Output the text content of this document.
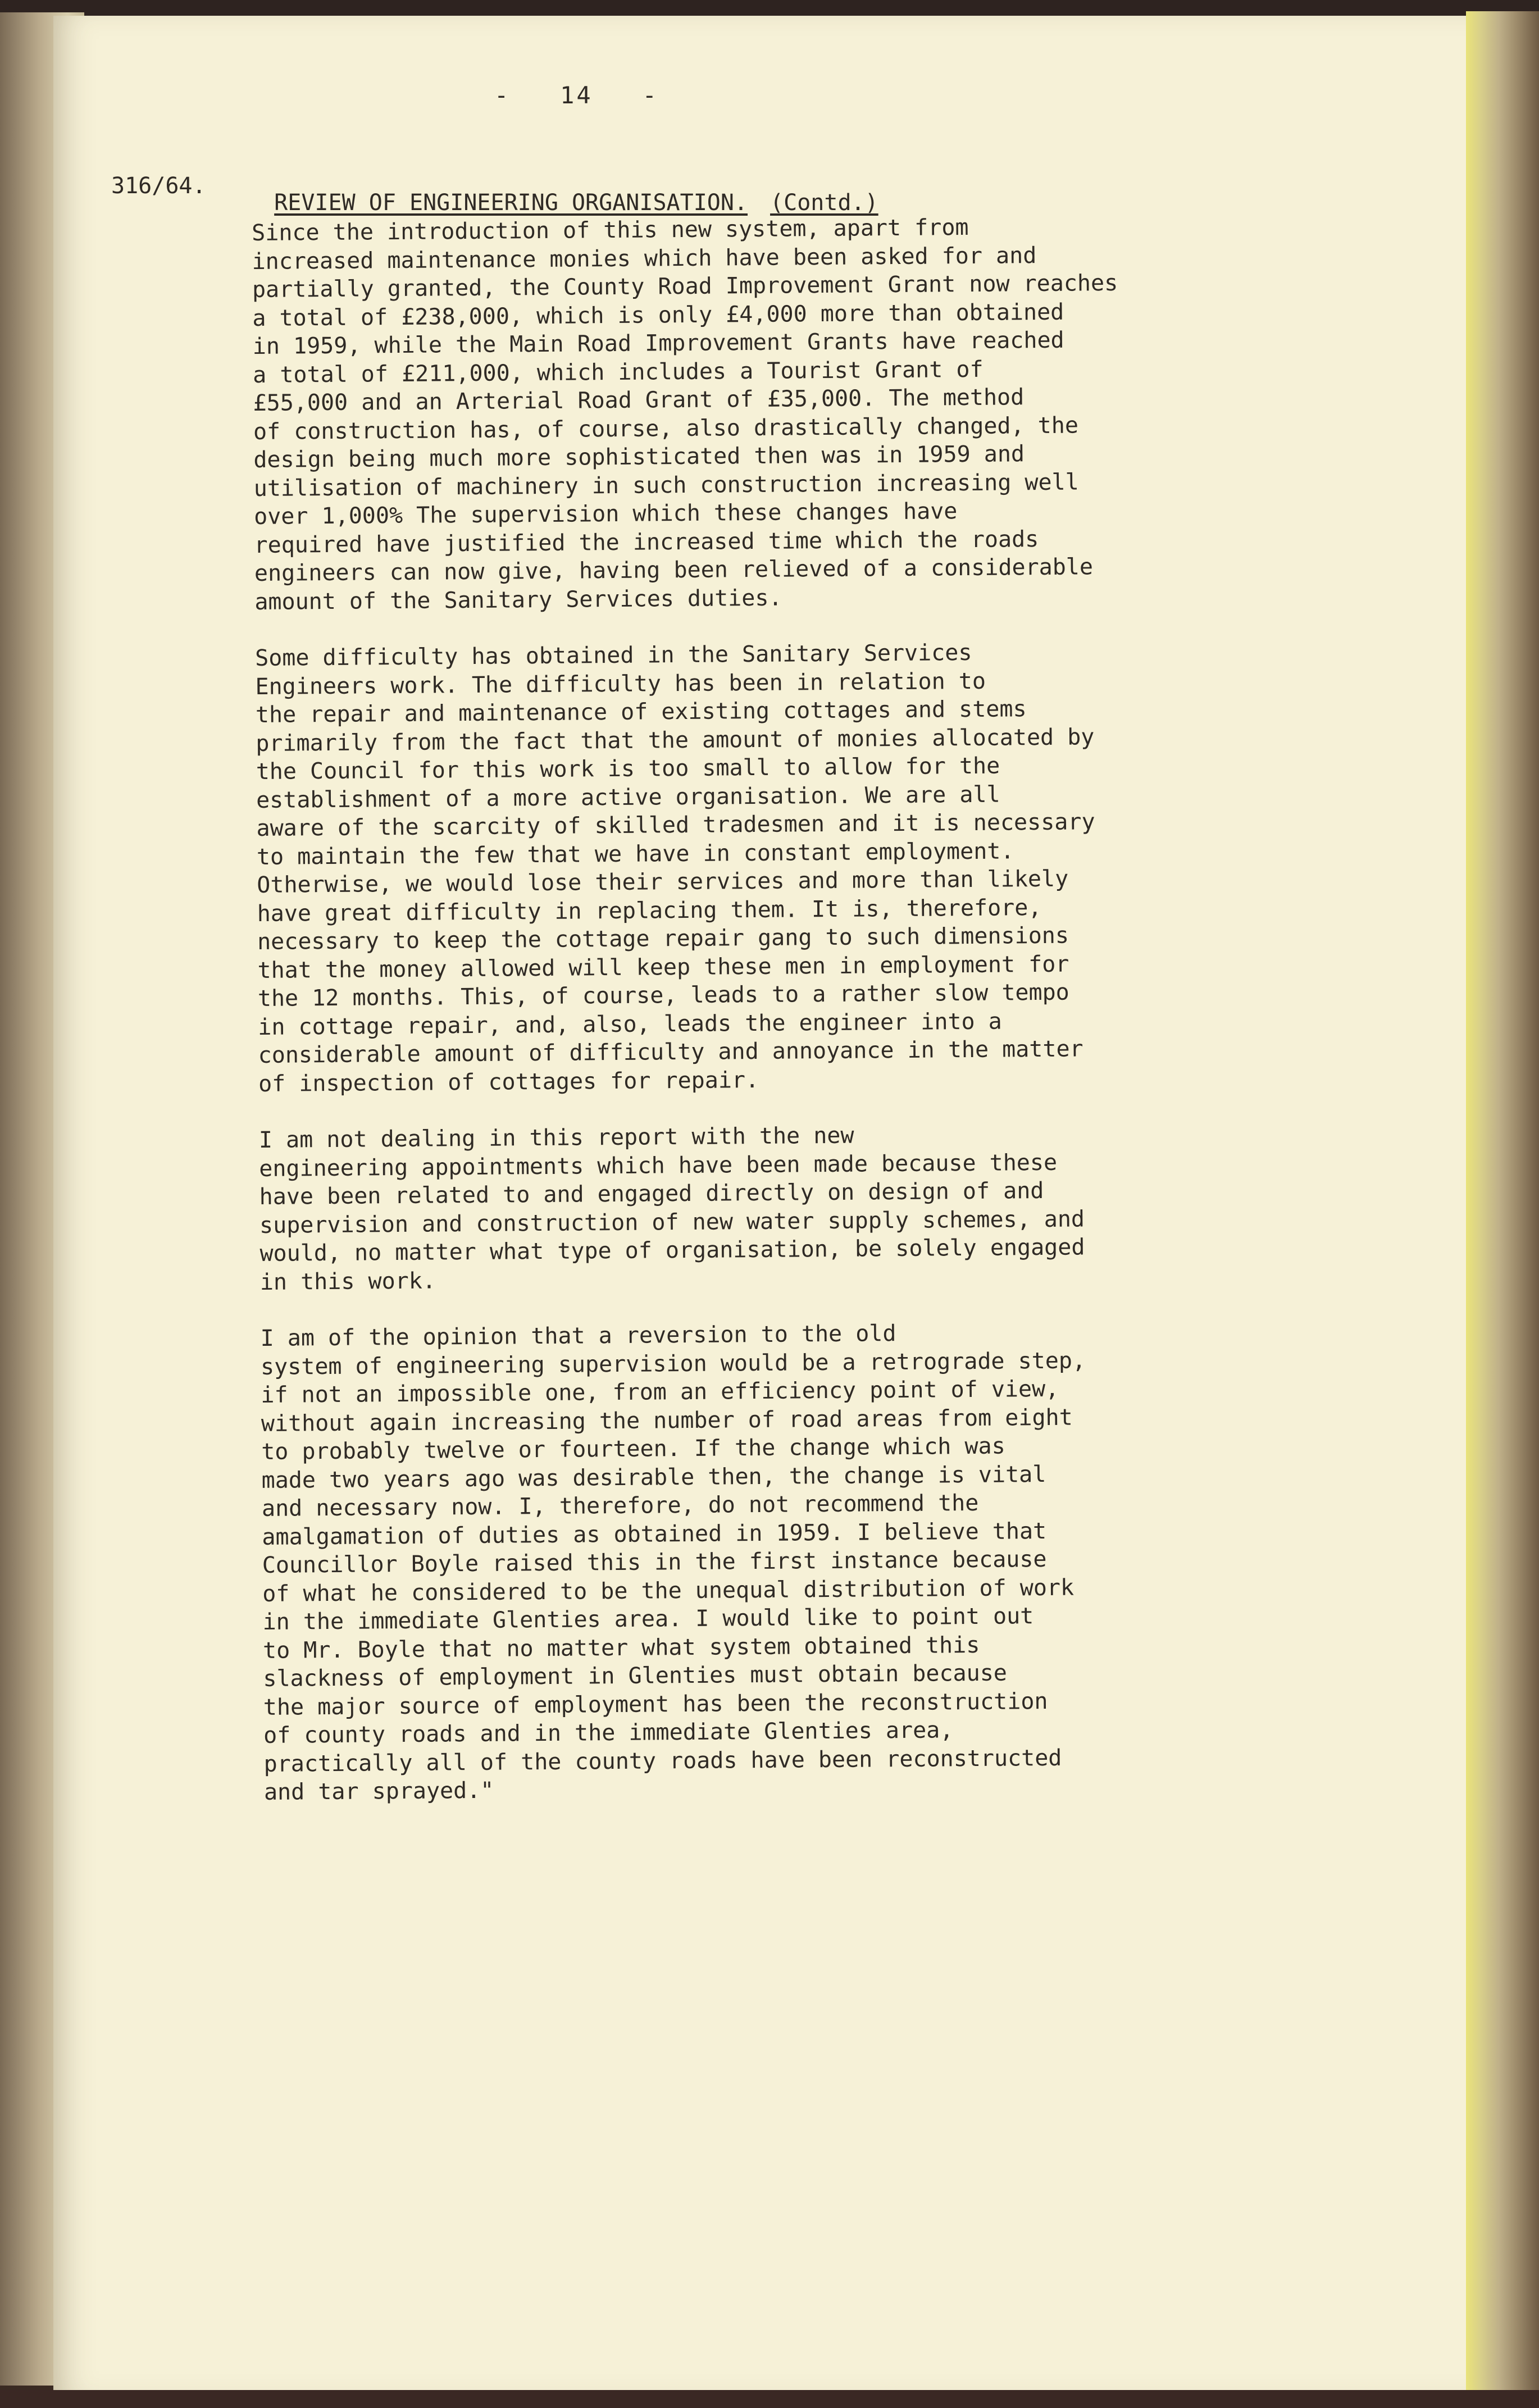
-   14   -
316/64.

REVIEW OF ENGINEERING ORGANISATION. (Contd.)

Since the introduction of this new system, apart from
increased maintenance monies which have been asked for and
partially granted, the County Road Improvement Grant now reaches
a total of £238,000, which is only £4,000 more than obtained
in 1959, while the Main Road Improvement Grants have reached
a total of £211,000, which includes a Tourist Grant of
£55,000 and an Arterial Road Grant of £35,000. The method
of construction has, of course, also drastically changed, the
design being much more sophisticated then was in 1959 and
utilisation of machinery in such construction increasing well
over 1,000% The supervision which these changes have
required have justified the increased time which the roads
engineers can now give, having been relieved of a considerable
amount of the Sanitary Services duties.

Some difficulty has obtained in the Sanitary Services
Engineers work. The difficulty has been in relation to
the repair and maintenance of existing cottages and stems
primarily from the fact that the amount of monies allocated by
the Council for this work is too small to allow for the
establishment of a more active organisation. We are all
aware of the scarcity of skilled tradesmen and it is necessary
to maintain the few that we have in constant employment.
Otherwise, we would lose their services and more than likely
have great difficulty in replacing them. It is, therefore,
necessary to keep the cottage repair gang to such dimensions
that the money allowed will keep these men in employment for
the 12 months. This, of course, leads to a rather slow tempo
in cottage repair, and, also, leads the engineer into a
considerable amount of difficulty and annoyance in the matter
of inspection of cottages for repair.

I am not dealing in this report with the new
engineering appointments which have been made because these
have been related to and engaged directly on design of and
supervision and construction of new water supply schemes, and
would, no matter what type of organisation, be solely engaged
in this work.

I am of the opinion that a reversion to the old
system of engineering supervision would be a retrograde step,
if not an impossible one, from an efficiency point of view,
without again increasing the number of road areas from eight
to probably twelve or fourteen. If the change which was
made two years ago was desirable then, the change is vital
and necessary now. I, therefore, do not recommend the
amalgamation of duties as obtained in 1959. I believe that
Councillor Boyle raised this in the first instance because
of what he considered to be the unequal distribution of work
in the immediate Glenties area. I would like to point out
to Mr. Boyle that no matter what system obtained this
slackness of employment in Glenties must obtain because
the major source of employment has been the reconstruction
of county roads and in the immediate Glenties area,
practically all of the county roads have been reconstructed
and tar sprayed."
